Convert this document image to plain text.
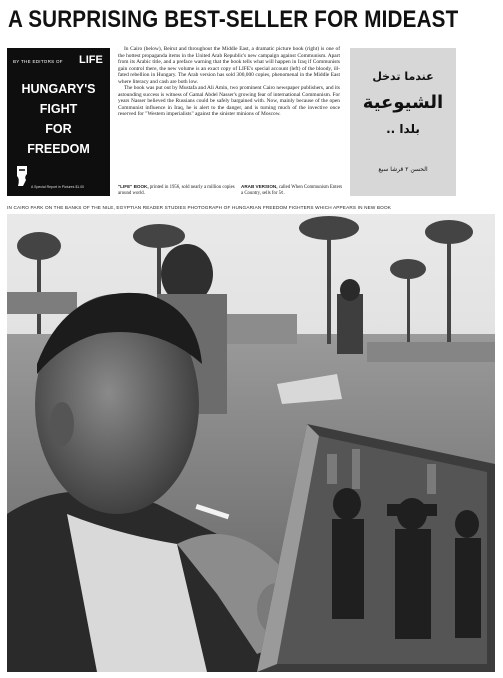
A SURPRISING BEST-SELLER FOR MIDEAST
BY THE EDITORS OF LIFE
HUNGARY'S
FIGHT
FOR
FREEDOM
A Special Report in Pictures $1.00

In Cairo (below), Beirut and throughout the Middle East, a dramatic picture book (right) is one of the hottest propaganda items in the United Arab Republic's new campaign against Communism. Apart from its Arabic title, and a preface warning that the book tells what will happen in Iraq if Communists gain control there, the new volume is an exact copy of LIFE's special account (left) of the bloody, ill-fated rebellion in Hungary. The Arab version has sold 300,000 copies, phenomenal in the Middle East where literacy and cash are both low.

The book was put out by Mustafa and Ali Amin, two prominent Cairo newspaper publishers, and its astounding success is witness of Gamal Abdel Nasser's growing fear of international Communism. For years Nasser believed the Russians could be safely bargained with. Now, mainly because of the open Communist influence in Iraq, he is alert to the danger, and is turning much of the invective once reserved for "Western imperialists" against the sinister minions of Moscow.

عندما تدخل
الشيوعية
بلدا ..
الحسن ٢ قرشا سيع
"LIFE" BOOK, printed in 1956, sold nearly a million copies around world.
ARAB VERSION, called When Communism Enters a Country, sells for 5¢.
IN CAIRO PARK ON THE BANKS OF THE NILE, EGYPTIAN READER STUDIES PHOTOGRAPH OF HUNGARIAN FREEDOM FIGHTERS WHICH APPEARS IN NEW BOOK
